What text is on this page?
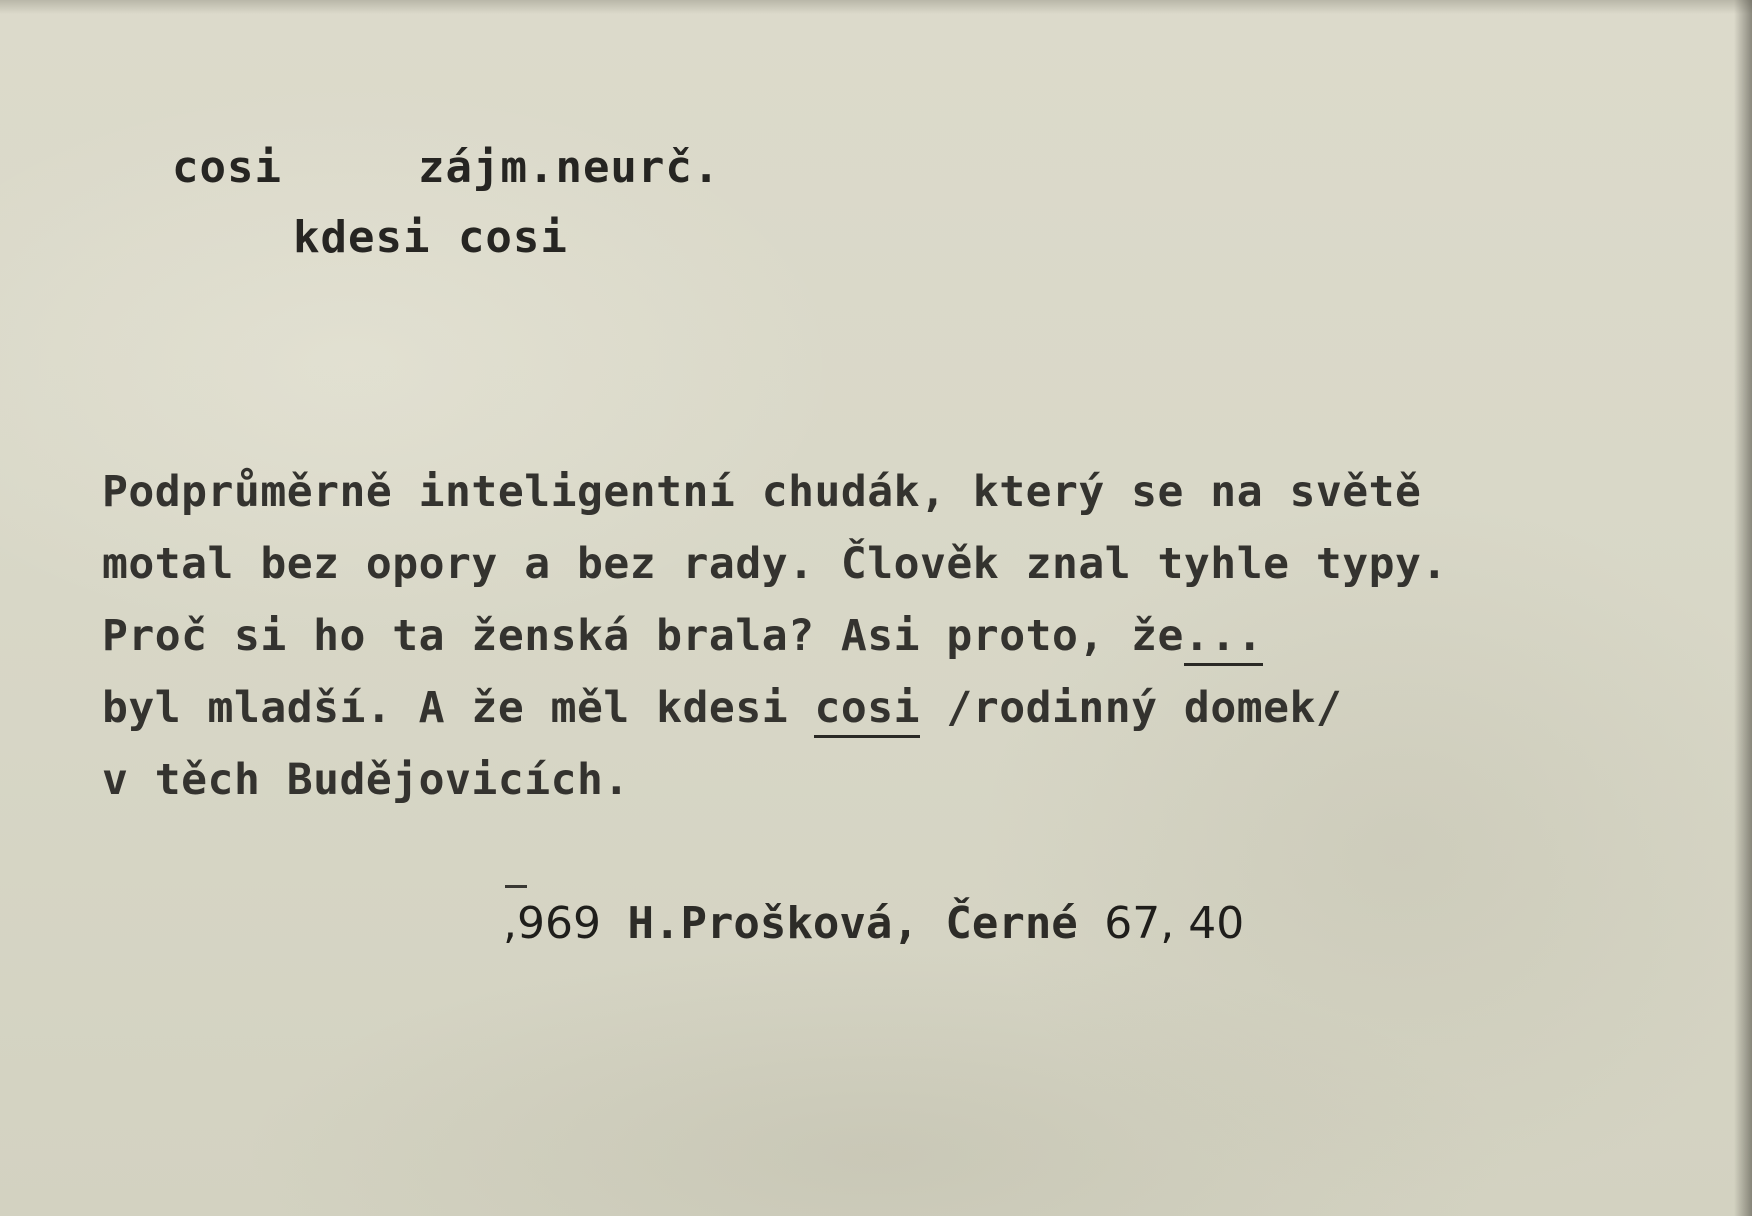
cosi	zájm.neurč.
kdesi cosi
Podprůměrně inteligentní chudák, který se na světě
motal bez opory a bez rady. Člověk znal tyhle typy.
Proč si ho ta ženská brala? Asi proto, že...
byl mladší. A že měl kdesi cosi /rodinný domek/
v těch Budějovicích.
,969 H.Prošková, Černé 67, 40
